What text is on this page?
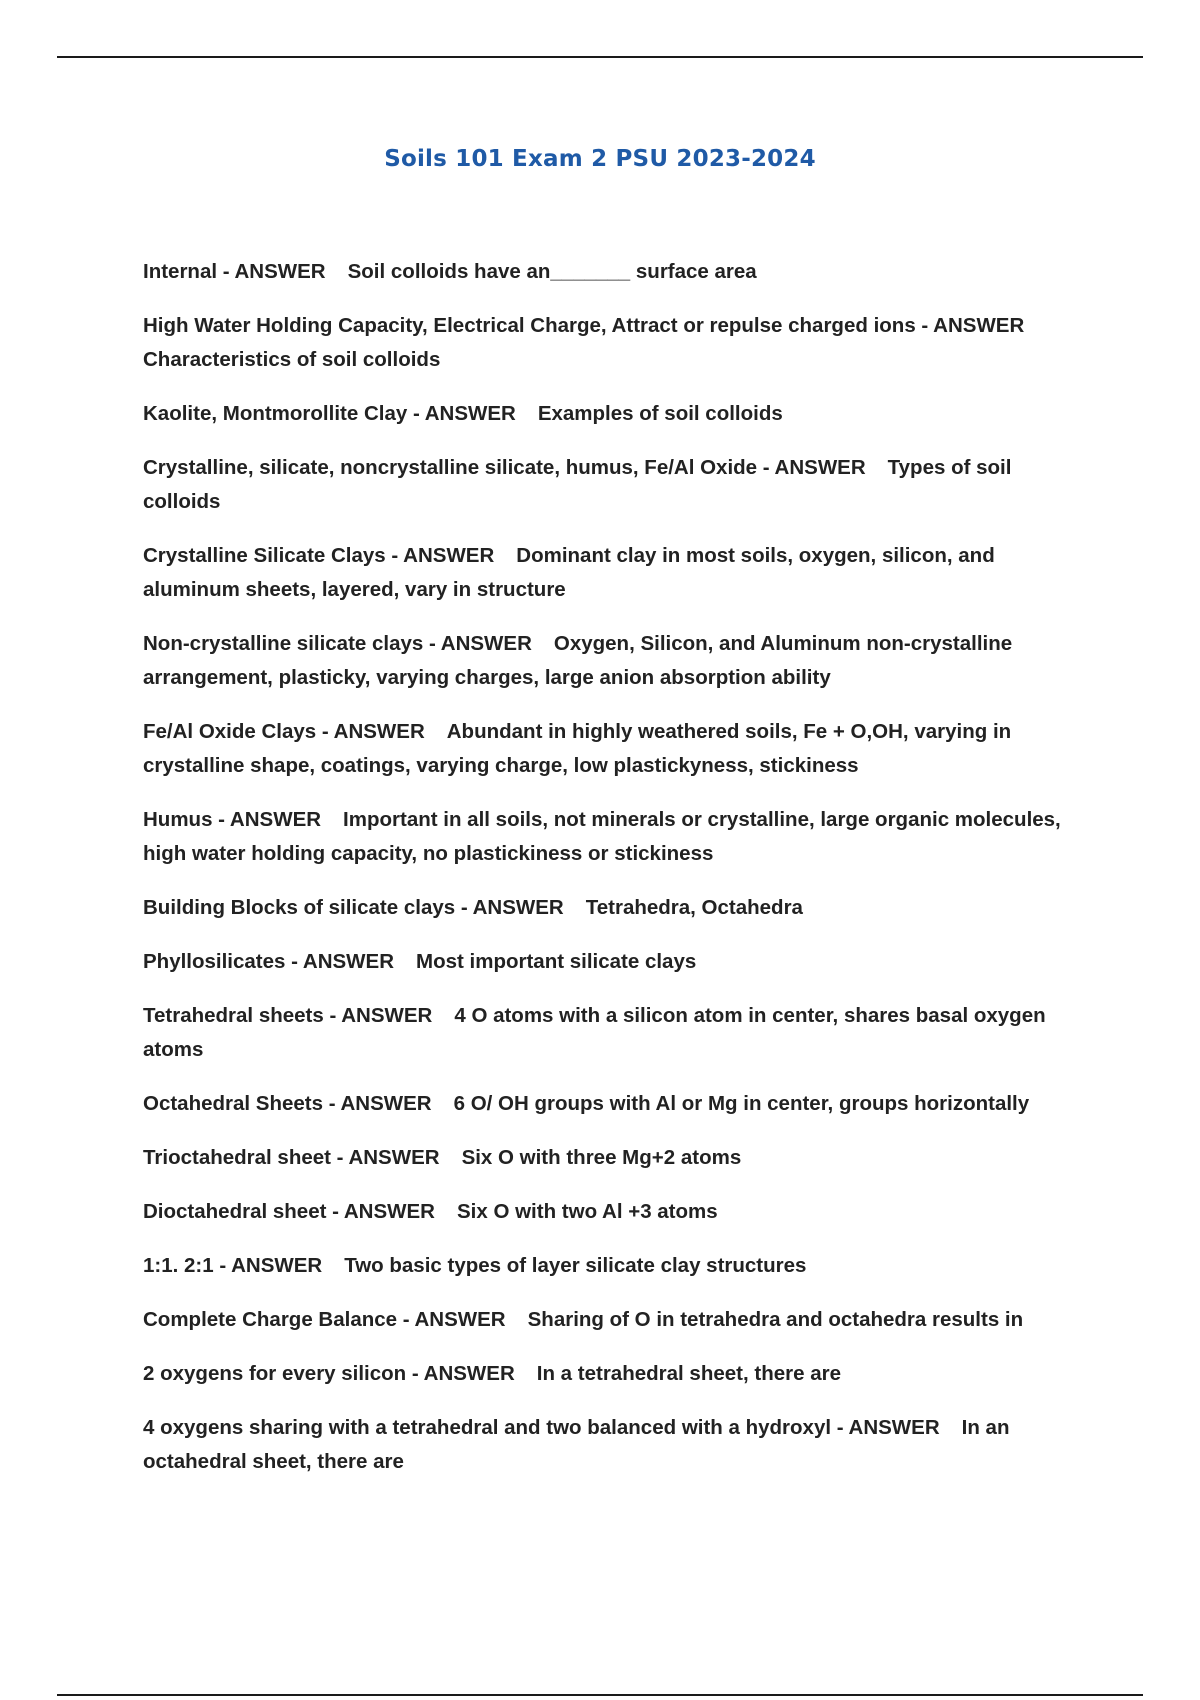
Soils 101 Exam 2 PSU 2023-2024

Internal - ANSWER Soil colloids have an_______ surface area

High Water Holding Capacity, Electrical Charge, Attract or repulse charged ions - ANSWERCharacteristics of soil colloids

Kaolite, Montmorollite Clay - ANSWER Examples of soil colloids

Crystalline, silicate, noncrystalline silicate, humus, Fe/Al Oxide - ANSWER Types of soil colloids

Crystalline Silicate Clays - ANSWER Dominant clay in most soils, oxygen, silicon, and aluminum sheets, layered, vary in structure

Non-crystalline silicate clays - ANSWER Oxygen, Silicon, and Aluminum non-crystalline arrangement, plasticky, varying charges, large anion absorption ability

Fe/Al Oxide Clays - ANSWER Abundant in highly weathered soils, Fe + O,OH, varying in crystalline shape, coatings, varying charge, low plastickyness, stickiness

Humus - ANSWER Important in all soils, not minerals or crystalline, large organic molecules, high water holding capacity, no plastickiness or stickiness

Building Blocks of silicate clays - ANSWER Tetrahedra, Octahedra

Phyllosilicates - ANSWER Most important silicate clays

Tetrahedral sheets - ANSWER 4 O atoms with a silicon atom in center, shares basal oxygen atoms

Octahedral Sheets - ANSWER 6 O/ OH groups with Al or Mg in center, groups horizontally

Trioctahedral sheet - ANSWER Six O with three Mg+2 atoms

Dioctahedral sheet - ANSWER Six O with two Al +3 atoms

1:1. 2:1 - ANSWER Two basic types of layer silicate clay structures

Complete Charge Balance - ANSWER Sharing of O in tetrahedra and octahedra results in

2 oxygens for every silicon - ANSWER In a tetrahedral sheet, there are

4 oxygens sharing with a tetrahedral and two balanced with a hydroxyl - ANSWER In an octahedral sheet, there are
